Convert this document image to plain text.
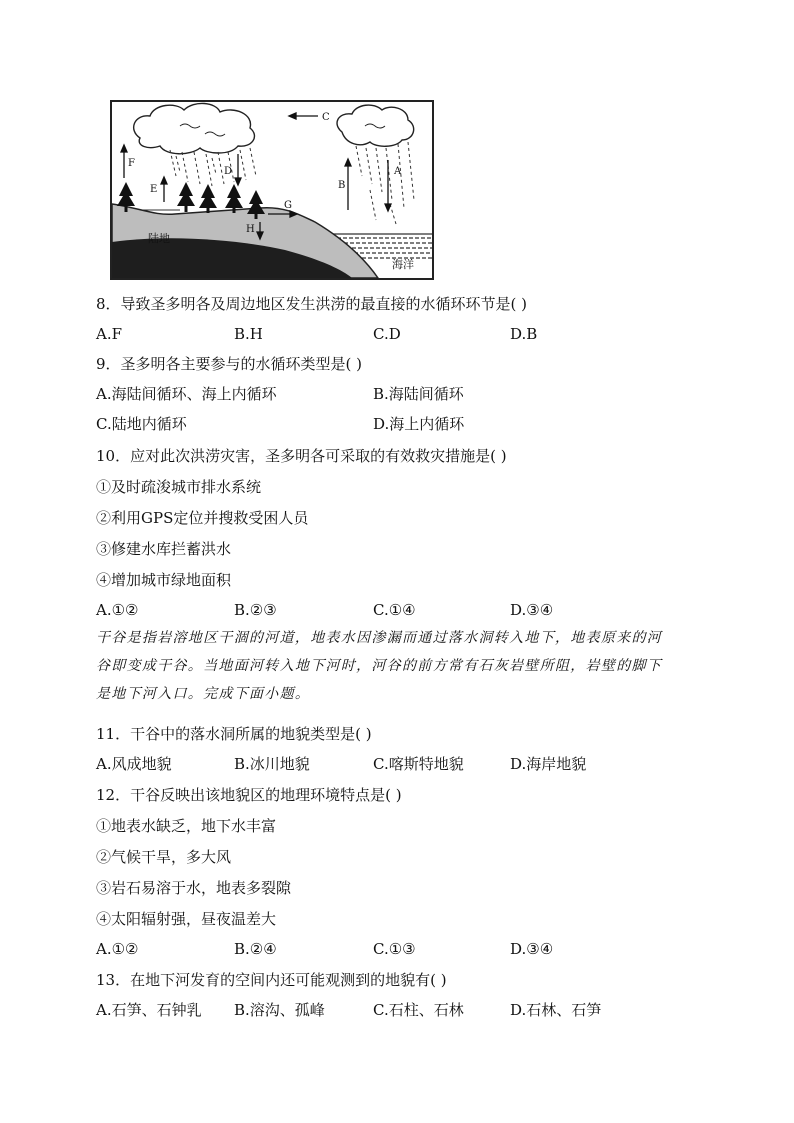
F
E
D
C
G
H
B
A
陆地
海洋
8．导致圣多明各及周边地区发生洪涝的最直接的水循环环节是( )
A.F	B.H	C.D	D.B
9．圣多明各主要参与的水循环类型是( )
A.海陆间循环、海上内循环	B.海陆间循环
C.陆地内循环	D.海上内循环
10．应对此次洪涝灾害，圣多明各可采取的有效救灾措施是( )
①及时疏浚城市排水系统
②利用GPS定位并搜救受困人员
③修建水库拦蓄洪水
④增加城市绿地面积
A.①②	B.②③	C.①④	D.③④
干谷是指岩溶地区干涸的河道，地表水因渗漏而通过落水洞转入地下，地表原来的河
谷即变成干谷。当地面河转入地下河时，河谷的前方常有石灰岩壁所阻，岩壁的脚下
是地下河入口。完成下面小题。
11．干谷中的落水洞所属的地貌类型是( )
A.风成地貌	B.冰川地貌	C.喀斯特地貌	D.海岸地貌
12．干谷反映出该地貌区的地理环境特点是( )
①地表水缺乏，地下水丰富
②气候干旱，多大风
③岩石易溶于水，地表多裂隙
④太阳辐射强，昼夜温差大
A.①②	B.②④	C.①③	D.③④
13．在地下河发育的空间内还可能观测到的地貌有( )
A.石笋、石钟乳 B.溶沟、孤峰	C.石柱、石林	D.石林、石笋
